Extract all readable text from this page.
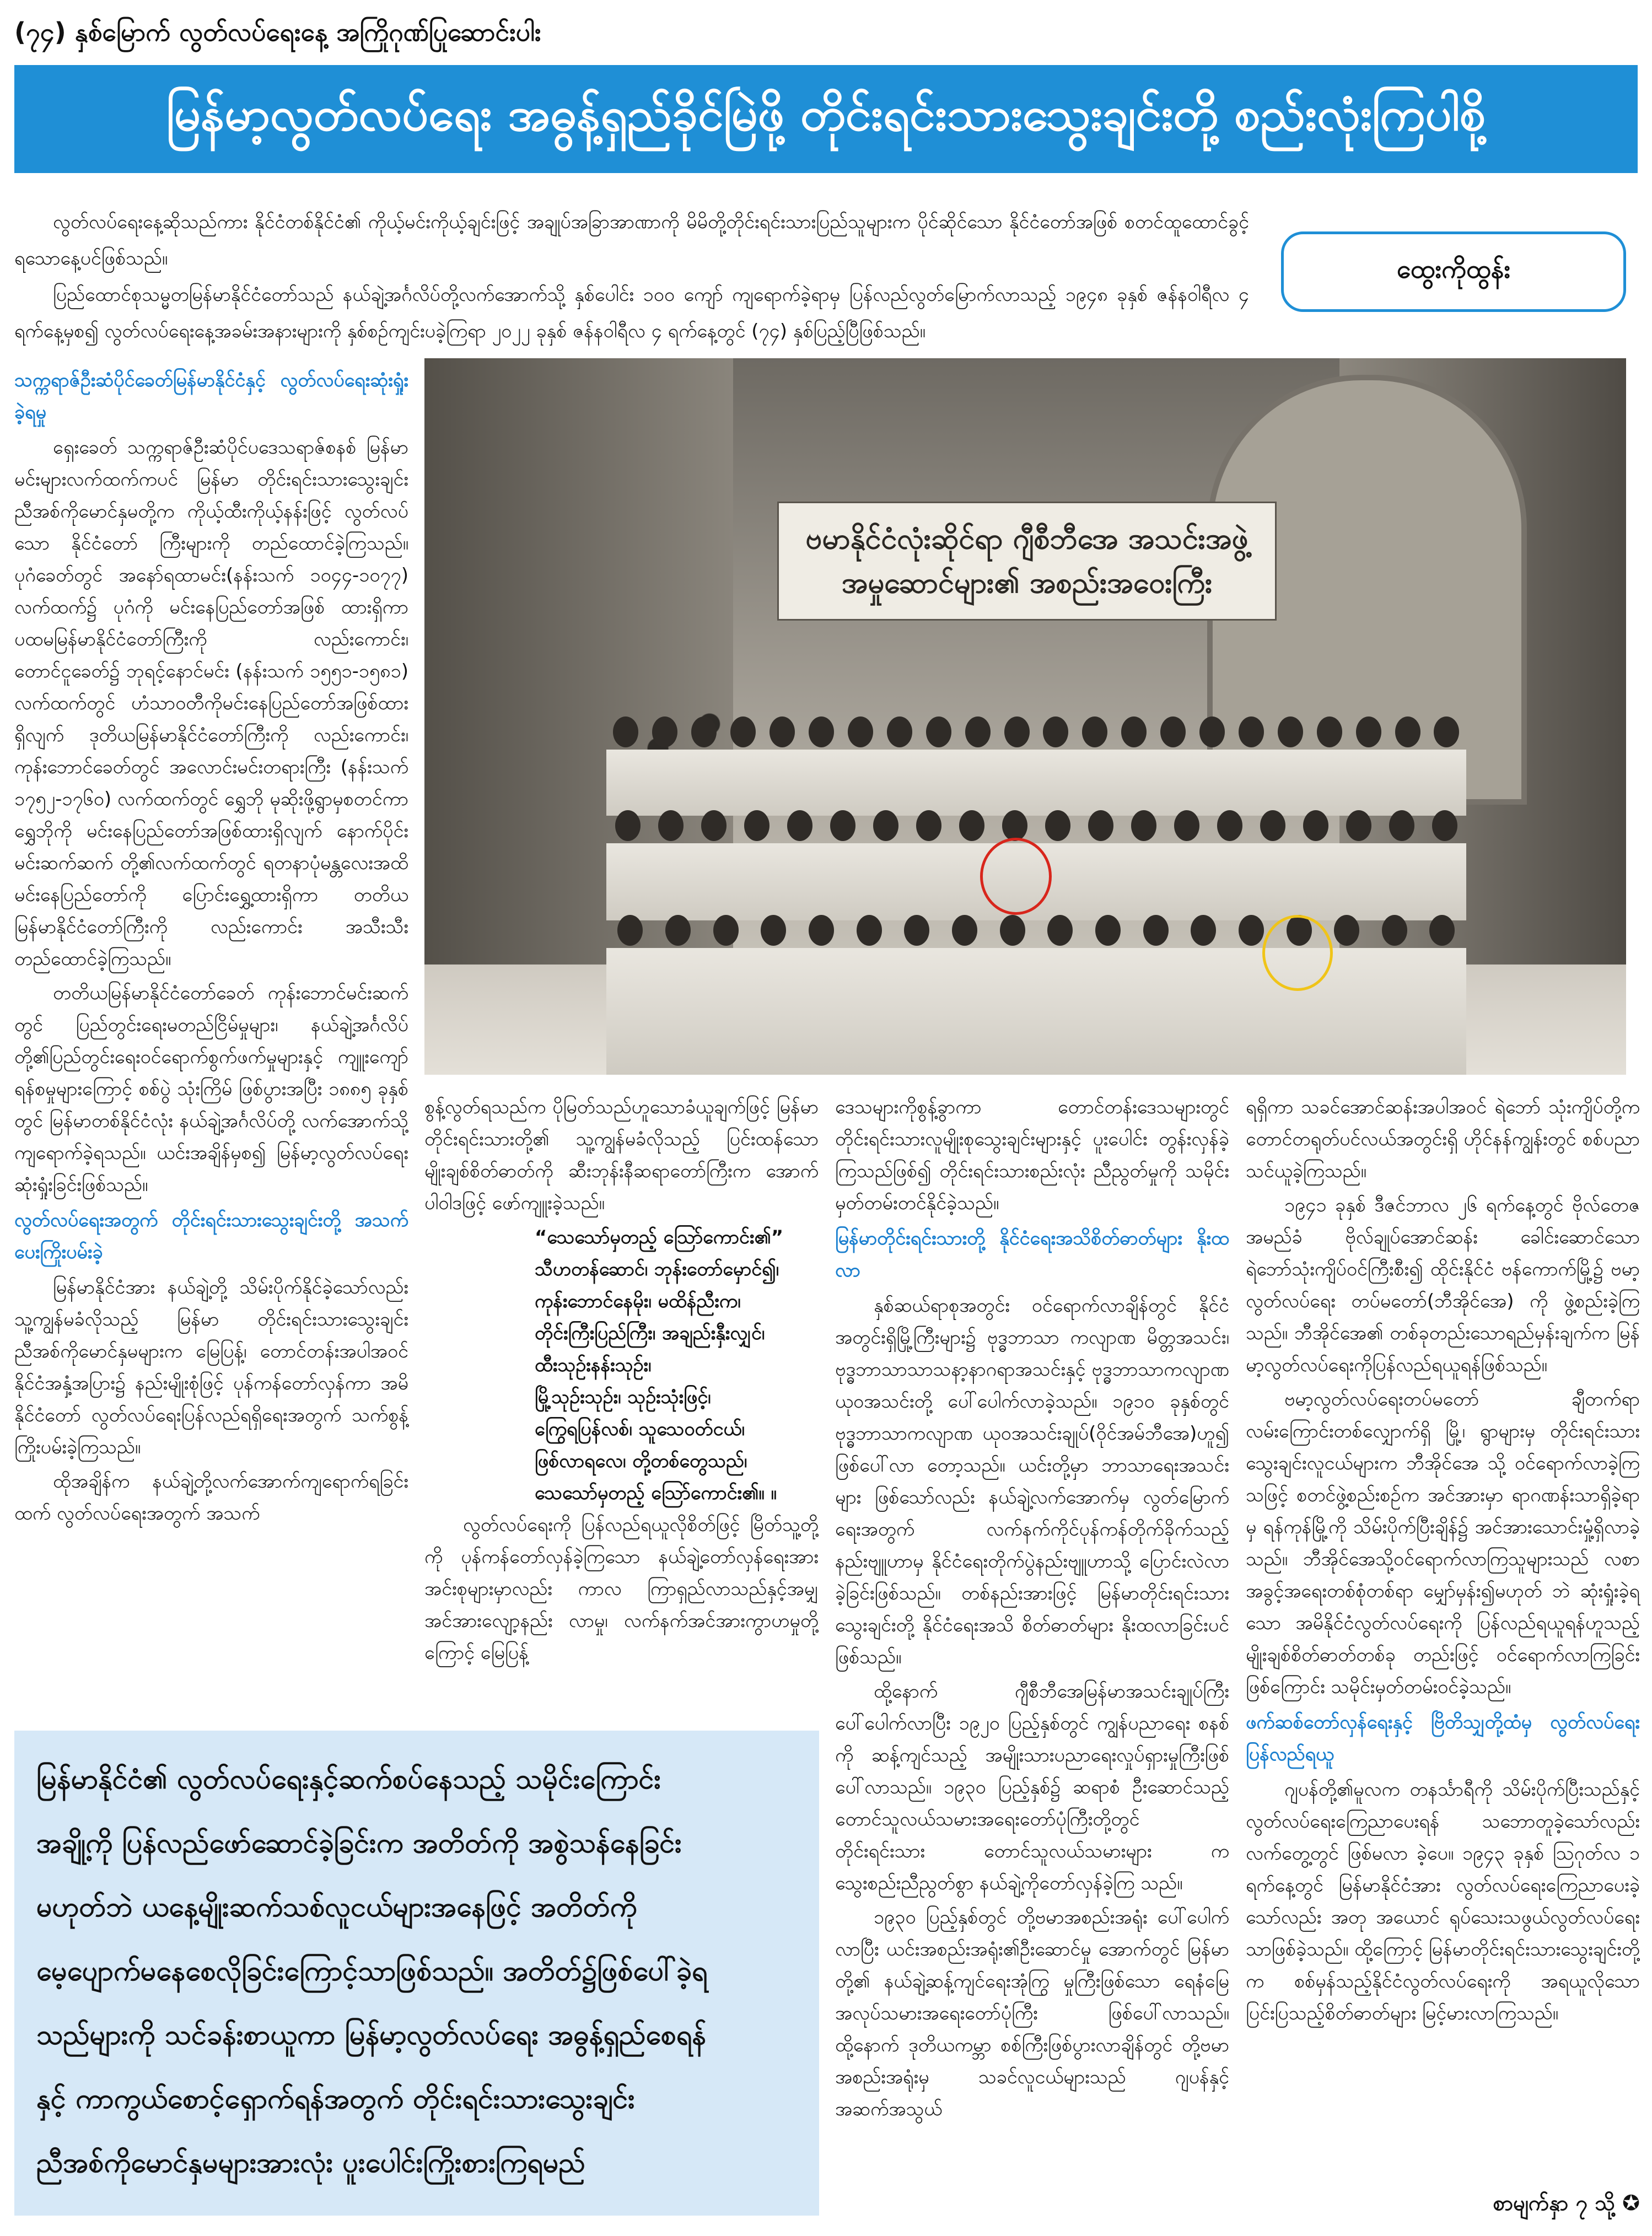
(၇၄) နှစ်မြောက် လွတ်လပ်ရေးနေ့ အကြိုဂုဏ်ပြုဆောင်းပါး
မြန်မာ့လွတ်လပ်ရေး အဓွန့်ရှည်ခိုင်မြဲဖို့ တိုင်းရင်းသားသွေးချင်းတို့ စည်းလုံးကြပါစို့

လွတ်လပ်ရေးနေ့ဆိုသည်ကား နိုင်ငံတစ်နိုင်ငံ၏ ကိုယ့်မင်းကိုယ့်ချင်းဖြင့် အချုပ်အခြာအာဏာကို မိမိတို့တိုင်းရင်းသားပြည်သူများက ပိုင်ဆိုင်သော နိုင်ငံတော်အဖြစ် စတင်ထူထောင်ခွင့်ရသောနေ့ပင်ဖြစ်သည်။

ပြည်ထောင်စုသမ္မတမြန်မာနိုင်ငံတော်သည် နယ်ချဲ့အင်္ဂလိပ်တို့လက်အောက်သို့ နှစ်ပေါင်း ၁၀၀ ကျော် ကျရောက်ခဲ့ရာမှ ပြန်လည်လွတ်မြောက်လာသည့် ၁၉၄၈ ခုနှစ် ဇန်နဝါရီလ ၄ ရက်နေ့မှစ၍ လွတ်လပ်ရေးနေ့အခမ်းအနားများကို နှစ်စဉ်ကျင်းပခဲ့ကြရာ ၂၀၂၂ ခုနှစ် ဇန်နဝါရီလ ၄ ရက်နေ့တွင် (၇၄) နှစ်ပြည့်ပြီဖြစ်သည်။

ထွေးကိုထွန်း
ဗမာနိုင်ငံလုံးဆိုင်ရာ ဂျီစီဘီအေ အသင်းအဖွဲ့
အမှုဆောင်များ၏ အစည်းအဝေးကြီး

သက္ကရာဇ်ဦးဆံပိုင်ခေတ်မြန်မာနိုင်ငံနှင့် လွတ်လပ်ရေးဆုံးရှုံးခဲ့ရမှု

ရှေးခေတ် သက္ကရာဇ်ဦးဆံပိုင်ပဒေသရာဇ်စနစ် မြန်မာမင်းများလက်ထက်ကပင် မြန်မာ တိုင်းရင်းသားသွေးချင်း ညီအစ်ကိုမောင်နှမတို့က ကိုယ့်ထီးကိုယ့်နန်းဖြင့် လွတ်လပ်သော နိုင်ငံတော် ကြီးများကို တည်ထောင်ခဲ့ကြသည်။ ပုဂံခေတ်တွင် အနော်ရထာမင်း(နန်းသက် ၁၀၄၄-၁၀၇၇) လက်ထက်၌ ပုဂံကို မင်းနေပြည်တော်အဖြစ် ထားရှိကာ ပထမမြန်မာနိုင်ငံတော်ကြီးကို လည်းကောင်း၊ တောင်ငူခေတ်၌ ဘုရင့်နောင်မင်း (နန်းသက် ၁၅၅၁-၁၅၈၁) လက်ထက်တွင် ဟံသာဝတီကိုမင်းနေပြည်တော်အဖြစ်ထားရှိလျက် ဒုတိယမြန်မာနိုင်ငံတော်ကြီးကို လည်းကောင်း၊ ကုန်းဘောင်ခေတ်တွင် အလောင်းမင်းတရားကြီး (နန်းသက် ၁၇၅၂-၁၇၆၀) လက်ထက်တွင် ရွှေဘို မုဆိုးဖို့ရွာမှစတင်ကာ ရွှေဘိုကို မင်းနေပြည်တော်အဖြစ်ထားရှိလျက် နောက်ပိုင်းမင်းဆက်ဆက် တို့၏လက်ထက်တွင် ရတနာပုံမန္တလေးအထိ မင်းနေပြည်တော်ကို ပြောင်းရွှေ့ထားရှိကာ တတိယမြန်မာနိုင်ငံတော်ကြီးကို လည်းကောင်း အသီးသီးတည်ထောင်ခဲ့ကြသည်။

တတိယမြန်မာနိုင်ငံတော်ခေတ် ကုန်းဘောင်မင်းဆက်တွင် ပြည်တွင်းရေးမတည်ငြိမ်မှုများ၊ နယ်ချဲ့အင်္ဂလိပ်တို့၏ပြည်တွင်းရေးဝင်ရောက်စွက်ဖက်မှုများနှင့် ကျူးကျော်ရန်စမှုများကြောင့် စစ်ပွဲ သုံးကြိမ် ဖြစ်ပွားအပြီး ၁၈၈၅ ခုနှစ်တွင် မြန်မာတစ်နိုင်ငံလုံး နယ်ချဲ့အင်္ဂလိပ်တို့ လက်အောက်သို့ ကျရောက်ခဲ့ရသည်။ ယင်းအချိန်မှစ၍ မြန်မာ့လွတ်လပ်ရေး ဆုံးရှုံးခြင်းဖြစ်သည်။

လွတ်လပ်ရေးအတွက် တိုင်းရင်းသားသွေးချင်းတို့ အသက်ပေးကြိုးပမ်းခဲ့

မြန်မာနိုင်ငံအား နယ်ချဲ့တို့ သိမ်းပိုက်နိုင်ခဲ့သော်လည်း သူ့ကျွန်မခံလိုသည့် မြန်မာ တိုင်းရင်းသားသွေးချင်း ညီအစ်ကိုမောင်နှမများက မြေပြန့်၊ တောင်တန်းအပါအဝင် နိုင်ငံအနှံ့အပြား၌ နည်းမျိုးစုံဖြင့် ပုန်ကန်တော်လှန်ကာ အမိနိုင်ငံတော် လွတ်လပ်ရေးပြန်လည်ရရှိရေးအတွက် သက်စွန့် ကြိုးပမ်းခဲ့ကြသည်။

ထိုအချိန်က နယ်ချဲ့တို့လက်အောက်ကျရောက်ရခြင်းထက် လွတ်လပ်ရေးအတွက် အသက်

စွန့်လွတ်ရသည်က ပိုမြတ်သည်ဟူသောခံယူချက်ဖြင့် မြန်မာတိုင်းရင်းသားတို့၏ သူ့ကျွန်မခံလိုသည့် ပြင်းထန်သော မျိုးချစ်စိတ်ဓာတ်ကို ဆီးဘုန်းနီဆရာတော်ကြီးက အောက်ပါဝါဒဖြင့် ဖော်ကျူးခဲ့သည်။

“သေသော်မှတည့် ဩော်ကောင်း၏”

သီဟတန်ဆောင်၊ ဘုန်းတော်မှောင်၍၊

ကုန်းဘောင်နေမိုး၊ မထိန်ညီးက၊

တိုင်းကြီးပြည်ကြီး၊ အချည်းနှီးလျှင်၊

ထီးသုဉ်းနန်းသုဉ်း၊

မြို့သုဉ်းသုဉ်း၊ သုဉ်းသုံးဖြင့်၊

ကြွေရပြန်လစ်၊ သူသေဝတ်ငယ်၊

ဖြစ်လာရလေ၊ တို့တစ်တွေသည်၊

သေသော်မှတည့် ဩော်ကောင်း၏။ ။

လွတ်လပ်ရေးကို ပြန်လည်ရယူလိုစိတ်ဖြင့် မြိတ်သူ့တို့ကို ပုန်ကန်တော်လှန်ခဲ့ကြသော နယ်ချဲ့တော်လှန်ရေးအားအင်းစုများမှာလည်း ကာလ ကြာရှည်လာသည်နှင့်အမျှ အင်အားလျော့နည်း လာမှု၊ လက်နက်အင်အားကွာဟမှုတို့ကြောင့် မြေပြန့်

ဒေသများကိုစွန့်ခွာကာ တောင်တန်းဒေသများတွင် တိုင်းရင်းသားလူမျိုးစုသွေးချင်းများနှင့် ပူးပေါင်း တွန်းလှန်ခဲ့ကြသည်ဖြစ်၍ တိုင်းရင်းသားစည်းလုံး ညီညွတ်မှုကို သမိုင်းမှတ်တမ်းတင်နိုင်ခဲ့သည်။

မြန်မာတိုင်းရင်းသားတို့ နိုင်ငံရေးအသိစိတ်ဓာတ်များ နိုးထလာ

နှစ်ဆယ်ရာစုအတွင်း ဝင်ရောက်လာချိန်တွင် နိုင်ငံအတွင်းရှိမြို့ကြီးများ၌ ဗုဒ္ဓဘာသာ ကလျာဏ မိတ္တအသင်း၊ ဗုဒ္ဓဘာသာသာသနာ့နာဂရာအသင်းနှင့် ဗုဒ္ဓဘာသာကလျာဏယုဝအသင်းတို့ ပေါ်ပေါက်လာခဲ့သည်။ ၁၉၁၀ ခုနှစ်တွင် ဗုဒ္ဓဘာသာကလျာဏ ယုဝအသင်းချုပ်(ဝိုင်အမ်ဘီအေ)ဟူ၍ ဖြစ်ပေါ်လာ တော့သည်။ ယင်းတို့မှာ ဘာသာရေးအသင်းများ ဖြစ်သော်လည်း နယ်ချဲ့လက်အောက်မှ လွတ်မြောက် ရေးအတွက် လက်နက်ကိုင်ပုန်ကန်တိုက်ခိုက်သည့် နည်းဗျူဟာမှ နိုင်ငံရေးတိုက်ပွဲနည်းဗျူဟာသို့ ပြောင်းလဲလာခဲ့ခြင်းဖြစ်သည်။ တစ်နည်းအားဖြင့် မြန်မာတိုင်းရင်းသားသွေးချင်းတို့ နိုင်ငံရေးအသိ စိတ်ဓာတ်များ နိုးထလာခြင်းပင်ဖြစ်သည်။

ထို့နောက် ဂျီစီဘီအေမြန်မာအသင်းချုပ်ကြီး ပေါ်ပေါက်လာပြီး ၁၉၂၀ ပြည့်နှစ်တွင် ကျွန်ပညာရေး စနစ်ကို ဆန့်ကျင်သည့် အမျိုးသားပညာရေးလှုပ်ရှားမှုကြီးဖြစ်ပေါ်လာသည်။ ၁၉၃၀ ပြည့်နှစ်၌ ဆရာစံ ဦးဆောင်သည့် တောင်သူလယ်သမားအရေးတော်ပုံကြီးတို့တွင် တိုင်းရင်းသား တောင်သူလယ်သမားများ က သွေးစည်းညီညွတ်စွာ နယ်ချဲ့ကိုတော်လှန်ခဲ့ကြ သည်။

၁၉၃၀ ပြည့်နှစ်တွင် တို့ဗမာအစည်းအရုံး ပေါ်ပေါက်လာပြီး ယင်းအစည်းအရုံး၏ဦးဆောင်မှု အောက်တွင် မြန်မာတို့၏ နယ်ချဲ့ဆန့်ကျင်ရေးအုံကြွ မှုကြီးဖြစ်သော ရေနံမြေအလုပ်သမားအရေးတော်ပုံကြီး ဖြစ်ပေါ်လာသည်။ ထို့နောက် ဒုတိယကမ္ဘာ စစ်ကြီးဖြစ်ပွားလာချိန်တွင် တို့ဗမာအစည်းအရုံးမှ သခင်လူငယ်များသည် ဂျပန်နှင့် အဆက်အသွယ်

ရရှိကာ သခင်အောင်ဆန်းအပါအဝင် ရဲဘော် သုံးကျိပ်တို့က တောင်တရုတ်ပင်လယ်အတွင်းရှိ ဟိုင်နန်ကျွန်းတွင် စစ်ပညာသင်ယူခဲ့ကြသည်။

၁၉၄၁ ခုနှစ် ဒီဇင်ဘာလ ၂၆ ရက်နေ့တွင် ဗိုလ်တေဇအမည်ခံ ဗိုလ်ချုပ်အောင်ဆန်း ခေါင်းဆောင်သော ရဲဘော်သုံးကျိပ်ဝင်ကြီးစီး၍ ထိုင်းနိုင်ငံ ဗန်ကောက်မြို့၌ ဗမာ့လွတ်လပ်ရေး တပ်မတော်(ဘီအိုင်အေ) ကို ဖွဲ့စည်းခဲ့ကြသည်။ ဘီအိုင်အေ၏ တစ်ခုတည်းသောရည်မှန်းချက်က မြန်မာ့လွတ်လပ်ရေးကိုပြန်လည်ရယူရန်ဖြစ်သည်။

ဗမာ့လွတ်လပ်ရေးတပ်မတော် ချီတက်ရာ လမ်းကြောင်းတစ်လျှောက်ရှိ မြို့၊ ရွာများမှ တိုင်းရင်းသားသွေးချင်းလူငယ်များက ဘီအိုင်အေ သို့ ဝင်ရောက်လာခဲ့ကြသဖြင့် စတင်ဖွဲ့စည်းစဉ်က အင်အားမှာ ရာဂဏန်းသာရှိခဲ့ရာမှ ရန်ကုန်မြို့ကို သိမ်းပိုက်ပြီးချိန်၌ အင်အားသောင်းမှုံ့ရှိလာခဲ့ သည်။ ဘီအိုင်အေသို့ဝင်ရောက်လာကြသူများသည် လစာအခွင့်အရေးတစ်စုံတစ်ရာ မျှော်မှန်း၍မဟုတ် ဘဲ ဆုံးရှုံးခဲ့ရသော အမိနိုင်ငံလွတ်လပ်ရေးကို ပြန်လည်ရယူရန်ဟူသည့် မျိုးချစ်စိတ်ဓာတ်တစ်ခု တည်းဖြင့် ဝင်ရောက်လာကြခြင်းဖြစ်ကြောင်း သမိုင်းမှတ်တမ်းဝင်ခဲ့သည်။

ဖက်ဆစ်တော်လှန်ရေးနှင့် ဗြိတိသျှတို့ထံမှ လွတ်လပ်ရေးပြန်လည်ရယူ

ဂျပန်တို့၏မူလက တနင်္သာရီကို သိမ်းပိုက်ပြီးသည်နှင့် လွတ်လပ်ရေးကြေညာပေးရန် သဘောတူခဲ့သော်လည်း လက်တွေ့တွင် ဖြစ်မလာ ခဲ့ပေ။ ၁၉၄၃ ခုနှစ် ဩဂုတ်လ ၁ ရက်နေ့တွင် မြန်မာနိုင်ငံအား လွတ်လပ်ရေးကြေညာပေးခဲ့သော်လည်း အတု အယောင် ရုပ်သေးသဖွယ်လွတ်လပ်ရေးသာဖြစ်ခဲ့သည်။ ထို့ကြောင့် မြန်မာတိုင်းရင်းသားသွေးချင်းတို့က စစ်မှန်သည့်နိုင်ငံလွတ်လပ်ရေးကို အရယူလိုသော ပြင်းပြသည့်စိတ်ဓာတ်များ မြင့်မားလာကြသည်။

မြန်မာနိုင်ငံ၏ လွတ်လပ်ရေးနှင့်ဆက်စပ်နေသည့် သမိုင်းကြောင်း
အချို့ကို ပြန်လည်ဖော်ဆောင်ခဲ့ခြင်းက အတိတ်ကို အစွဲသန်နေခြင်း
မဟုတ်ဘဲ ယနေ့မျိုးဆက်သစ်လူငယ်များအနေဖြင့် အတိတ်ကို
မေ့ပျောက်မနေစေလိုခြင်းကြောင့်သာဖြစ်သည်။ အတိတ်၌ဖြစ်ပေါ်ခဲ့ရ
သည်များကို သင်ခန်းစာယူကာ မြန်မာ့လွတ်လပ်ရေး အဓွန့်ရှည်စေရန်
နှင့် ကာကွယ်စောင့်ရှောက်ရန်အတွက် တိုင်းရင်းသားသွေးချင်း
ညီအစ်ကိုမောင်နှမများအားလုံး ပူးပေါင်းကြိုးစားကြရမည်
စာမျက်နှာ ၇ သို့ ✪
